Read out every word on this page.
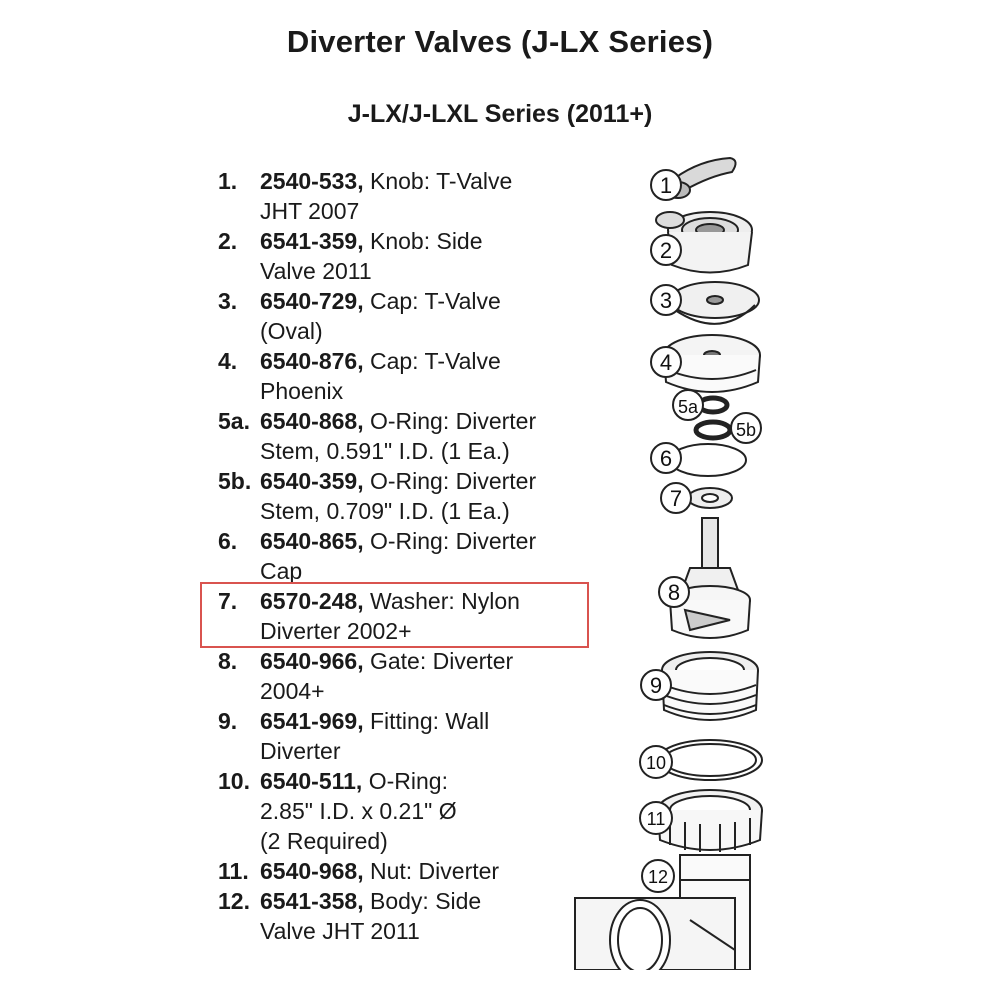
Diverter Valves (J-LX Series)
J-LX/J-LXL Series (2011+)
1. 2540-533, Knob: T-Valve
JHT 2007
2. 6541-359, Knob: Side
Valve 2011
3. 6540-729, Cap: T-Valve
(Oval)
4. 6540-876, Cap: T-Valve
Phoenix
5a. 6540-868, O-Ring: Diverter
Stem, 0.591" I.D. (1 Ea.)
5b. 6540-359, O-Ring: Diverter
Stem, 0.709" I.D. (1 Ea.)
6. 6540-865, O-Ring: Diverter
Cap
7. 6570-248, Washer: Nylon
Diverter 2002+
8. 6540-966, Gate: Diverter
2004+
9. 6541-969, Fitting: Wall
Diverter
10. 6540-511, O-Ring:
2.85" I.D. x 0.21" Ø
(2 Required)
11. 6540-968, Nut: Diverter
12. 6541-358, Body: Side
Valve JHT 2011
1
2
3
4
5a
5b
6
7
8
9
10
11
12
